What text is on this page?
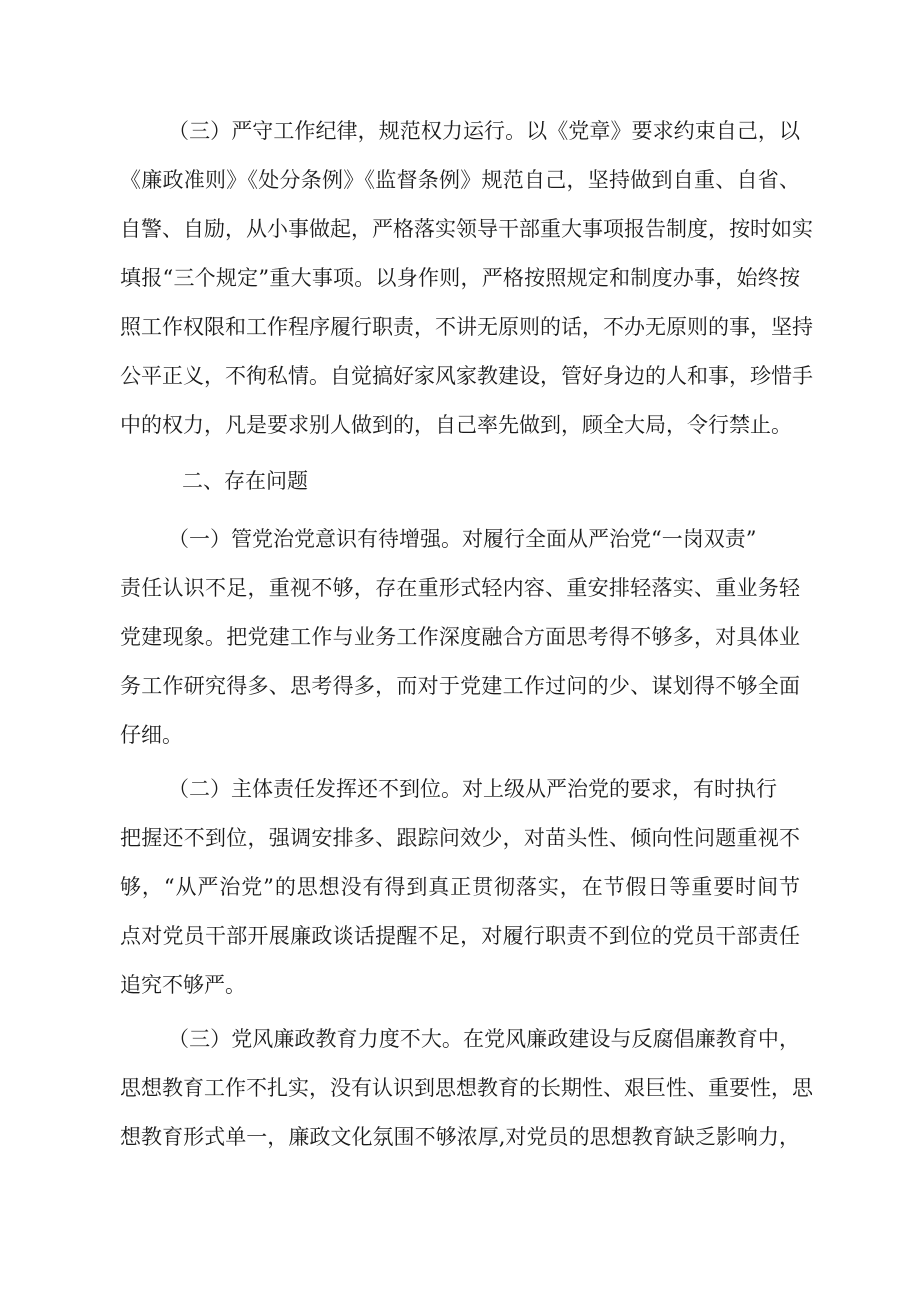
（三）严守工作纪律，规范权力运行。以《党章》要求约束自己，以
《廉政准则》《处分条例》《监督条例》规范自己，坚持做到自重、自省、
自警、自励，从小事做起，严格落实领导干部重大事项报告制度，按时如实
填报“三个规定”重大事项。以身作则，严格按照规定和制度办事，始终按
照工作权限和工作程序履行职责，不讲无原则的话，不办无原则的事，坚持
公平正义，不徇私情。自觉搞好家风家教建设，管好身边的人和事，珍惜手
中的权力，凡是要求别人做到的，自己率先做到，顾全大局，令行禁止。
二、存在问题
（一）管党治党意识有待增强。对履行全面从严治党“一岗双责”
责任认识不足，重视不够，存在重形式轻内容、重安排轻落实、重业务轻
党建现象。把党建工作与业务工作深度融合方面思考得不够多，对具体业
务工作研究得多、思考得多，而对于党建工作过问的少、谋划得不够全面
仔细。
（二）主体责任发挥还不到位。对上级从严治党的要求，有时执行
把握还不到位，强调安排多、跟踪问效少，对苗头性、倾向性问题重视不
够，“从严治党”的思想没有得到真正贯彻落实，在节假日等重要时间节
点对党员干部开展廉政谈话提醒不足，对履行职责不到位的党员干部责任
追究不够严。
（三）党风廉政教育力度不大。在党风廉政建设与反腐倡廉教育中，
思想教育工作不扎实，没有认识到思想教育的长期性、艰巨性、重要性，思
想教育形式单一，廉政文化氛围不够浓厚,对党员的思想教育缺乏影响力，
